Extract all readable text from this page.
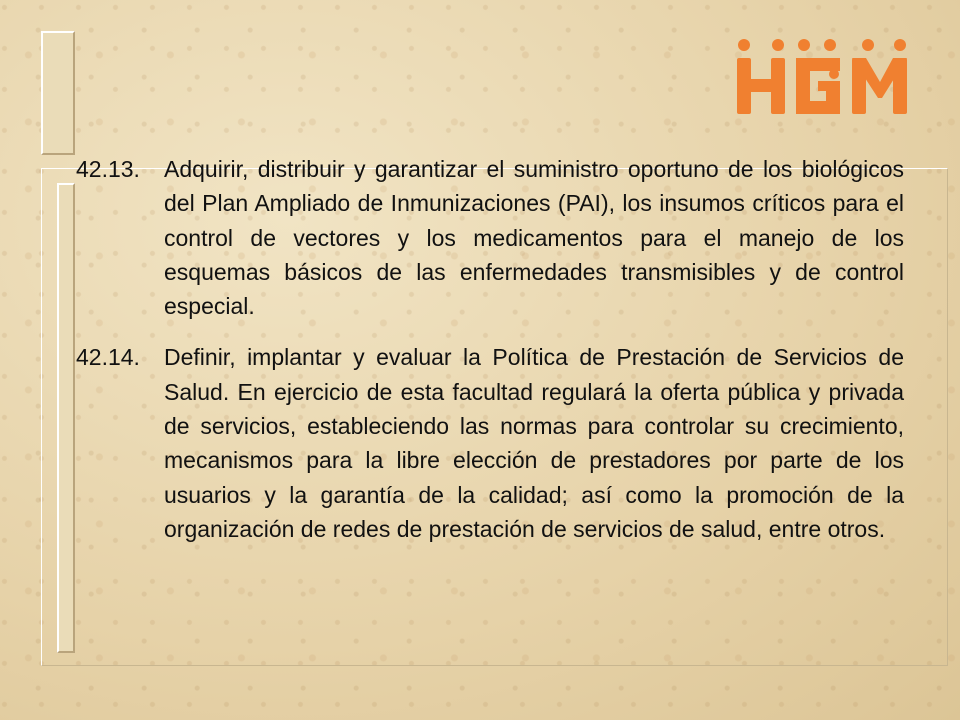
42.13.	Adquirir, distribuir y garantizar el suministro oportuno de los biológicos del Plan Ampliado de Inmunizaciones (PAI), los insumos críticos para el control de vectores y los medicamentos para el manejo de los esquemas básicos de las enfermedades transmisibles y de control especial.
42.14.	Definir, implantar y evaluar la Política de Prestación de Servicios de Salud. En ejercicio de esta facultad regulará la oferta pública y privada de servicios, estableciendo las normas para controlar su crecimiento, mecanismos para la libre elección de prestadores por parte de los usuarios y la garantía de la calidad; así como la promoción de la organización de redes de prestación de servicios de salud, entre otros.
